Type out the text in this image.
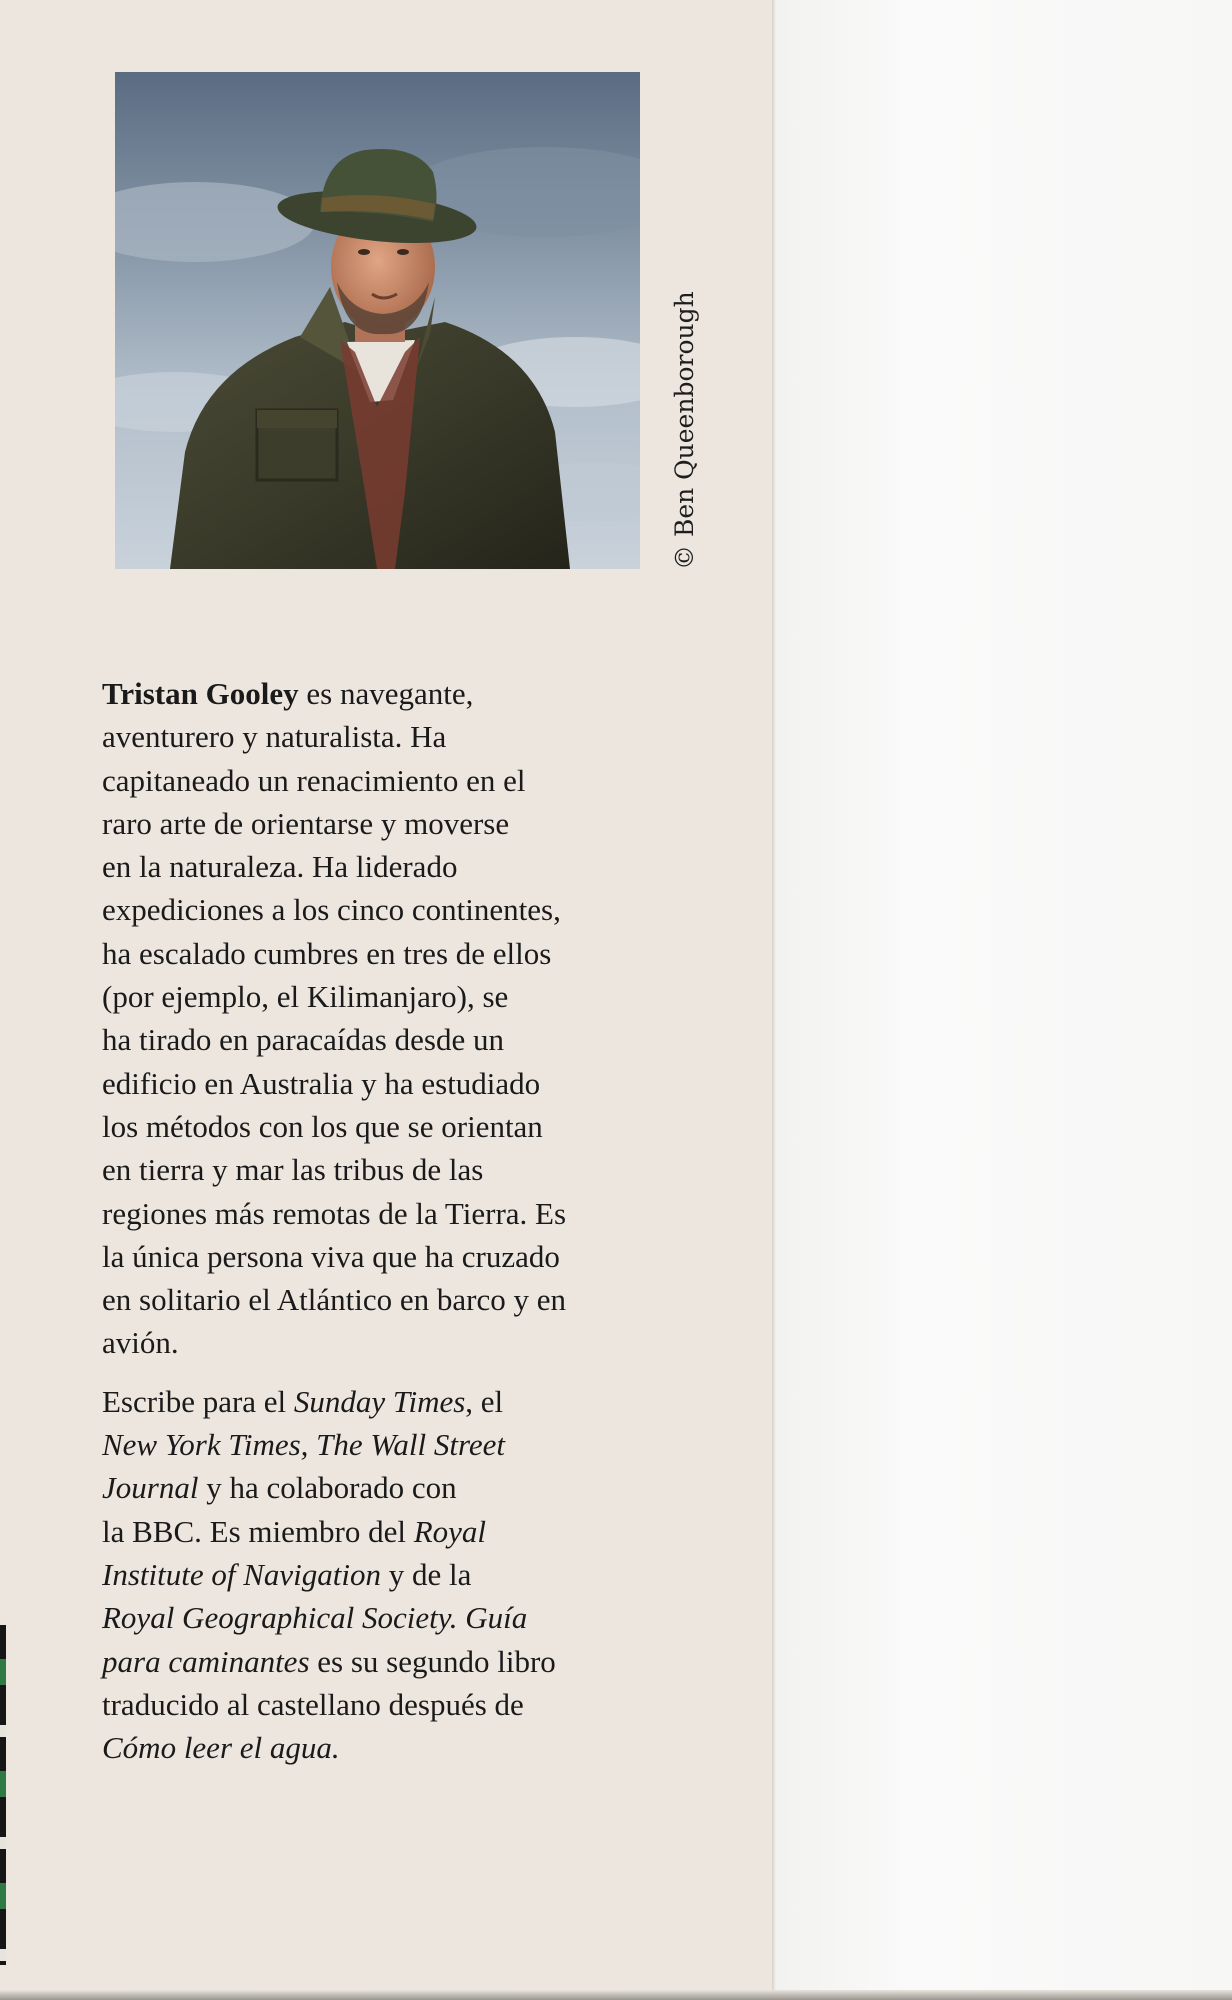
© Ben Queenborough

Tristan Gooley es navegante,
aventurero y naturalista. Ha
capitaneado un renacimiento en el
raro arte de orientarse y moverse
en la naturaleza. Ha liderado
expediciones a los cinco continentes,
ha escalado cumbres en tres de ellos
(por ejemplo, el Kilimanjaro), se
ha tirado en paracaídas desde un
edificio en Australia y ha estudiado
los métodos con los que se orientan
en tierra y mar las tribus de las
regiones más remotas de la Tierra. Es
la única persona viva que ha cruzado
en solitario el Atlántico en barco y en
avión.

Escribe para el Sunday Times, el
New York Times, The Wall Street
Journal y ha colaborado con
la BBC. Es miembro del Royal
Institute of Navigation y de la
Royal Geographical Society. Guía
para caminantes es su segundo libro
traducido al castellano después de
Cómo leer el agua.
